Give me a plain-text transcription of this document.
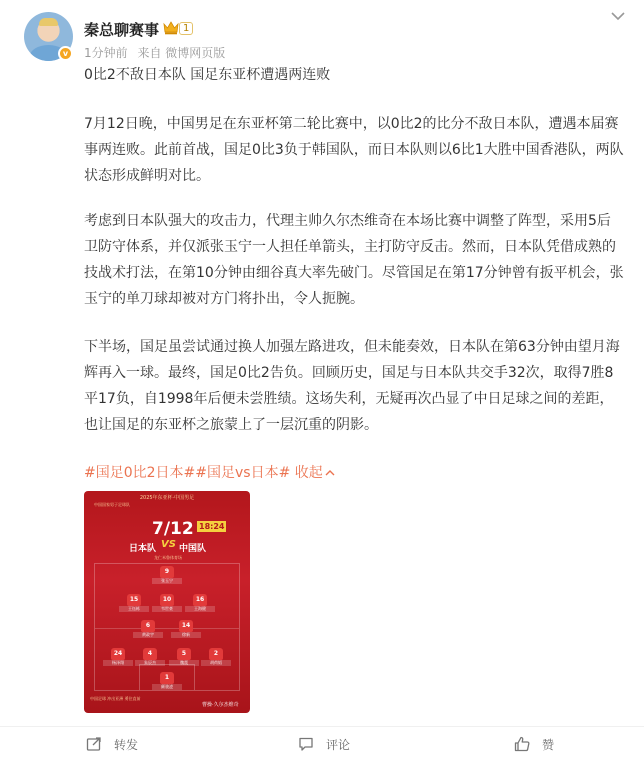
v
秦总聊赛事	1
1分钟前 来自 微博网页版
0比2不敌日本队 国足东亚杯遭遇两连败
7月12日晚，中国男足在东亚杯第二轮比赛中，以0比2的比分不敌日本队，遭遇本届赛事两连败。此前首战，国足0比3负于韩国队，而日本队则以6比1大胜中国香港队，两队状态形成鲜明对比。
考虑到日本队强大的攻击力，代理主帅久尔杰维奇在本场比赛中调整了阵型，采用5后卫防守体系，并仅派张玉宁一人担任单箭头，主打防守反击。然而，日本队凭借成熟的技战术打法，在第10分钟由细谷真大率先破门。尽管国足在第17分钟曾有扳平机会，张玉宁的单刀球却被对方门将扑出，令人扼腕。
下半场，国足虽尝试通过换人加强左路进攻，但未能奏效，日本队在第63分钟由望月海辉再入一球。最终，国足0比2告负。回顾历史，国足与日本队共交手32次，取得7胜8平17负，自1998年后便未尝胜绩。这场失利，无疑再次凸显了中日足球之间的差距，也让国足的东亚杯之旅蒙上了一层沉重的阴影。
#国足0比2日本##国足vs日本# 收起
2025年东亚杯·中国男足
中国国家男子足球队
7/12 18:24
日本队 VS 中国队
龙仁米鲁体育场
9
张玉宁
15
王钰栋
10
韦世豪
16
王海健
6
黄政宇
14
徐新
24
杨泽翔
4
朱辰杰
5
魏震
2
胡荷韬
1
颜骏凌
中国足球 冲出亚洲 勇往直前
曹操·久尔杰维奇
转发	评论	赞
